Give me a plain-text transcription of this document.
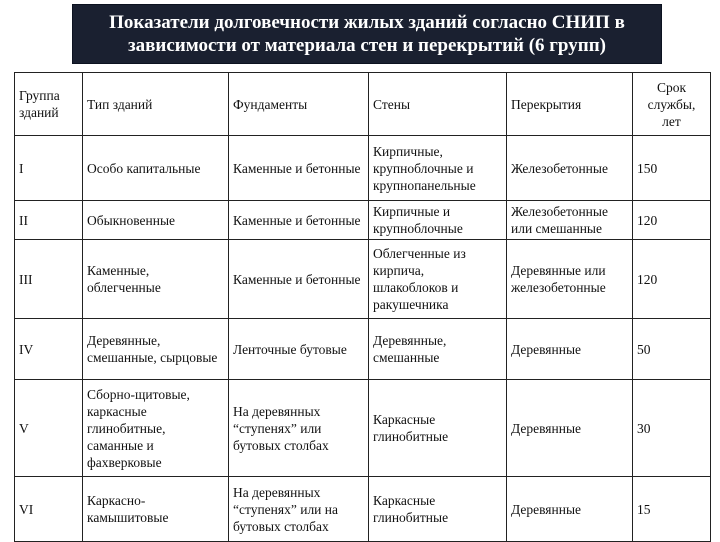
Показатели долговечности жилых зданий согласно СНИП в
зависимости от материала стен и перекрытий (6 групп)
Группа зданий	Тип зданий	Фундаменты	Стены	Перекрытия	Срок службы, лет
I	Особо капитальные	Каменные и бетонные	Кирпичные, крупноблочные и крупнопанельные	Железобетонные	150
II	Обыкновенные	Каменные и бетонные	Кирпичные и крупноблочные	Железобетонные или смешанные	120
III	Каменные, облегченные	Каменные и бетонные	Облегченные из кирпича, шлакоблоков и ракушечника	Деревянные или железобетонные	120
IV	Деревянные, смешанные, сырцовые	Ленточные бутовые	Деревянные, смешанные	Деревянные	50
V	Сборно-щитовые, каркасные глинобитные, саманные и фахверковые	На деревянных “ступенях” или бутовых столбах	Каркасные глинобитные	Деревянные	30
VI	Каркасно-камышитовые	На деревянных “ступенях” или на бутовых столбах	Каркасные глинобитные	Деревянные	15
